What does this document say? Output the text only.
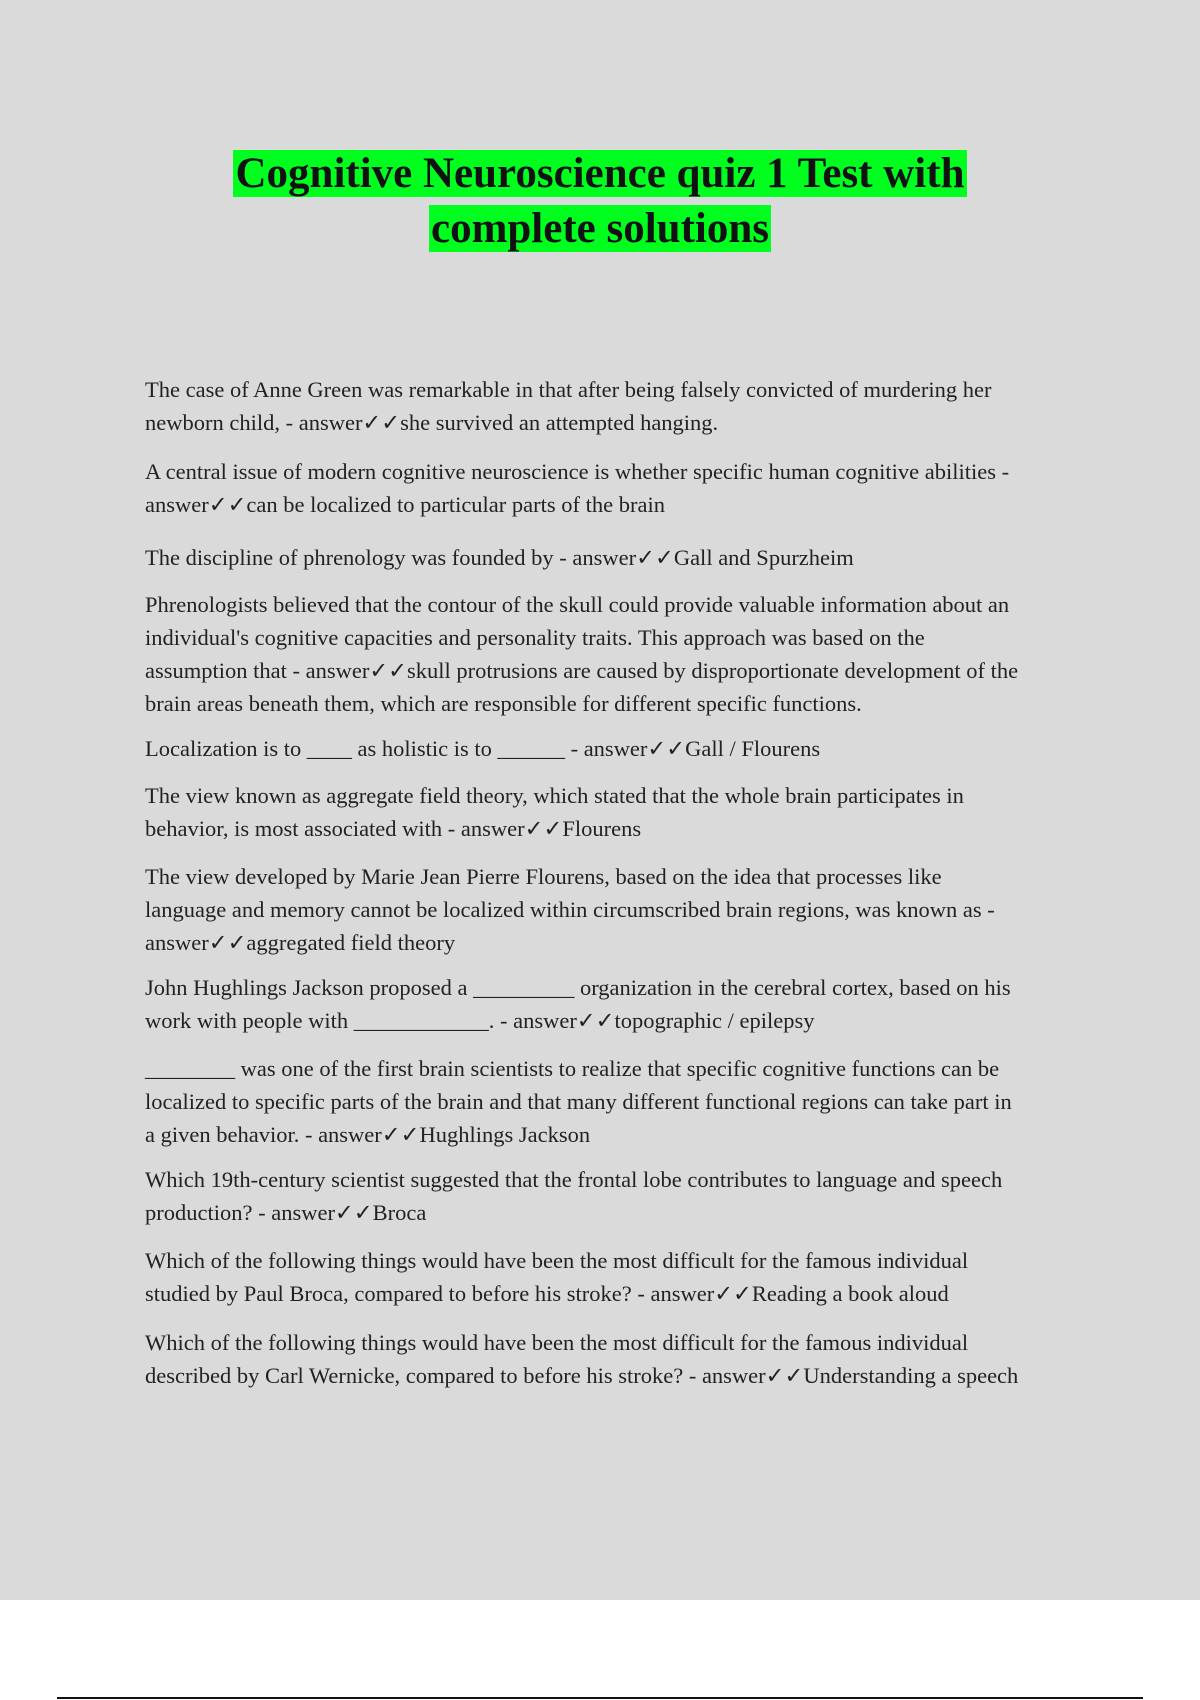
Cognitive Neuroscience quiz 1 Test with
complete solutions
The case of Anne Green was remarkable in that after being falsely convicted of murdering her
newborn child, - answer✓✓she survived an attempted hanging.
A central issue of modern cognitive neuroscience is whether specific human cognitive abilities -
answer✓✓can be localized to particular parts of the brain
The discipline of phrenology was founded by - answer✓✓Gall and Spurzheim
Phrenologists believed that the contour of the skull could provide valuable information about an
individual's cognitive capacities and personality traits. This approach was based on the
assumption that - answer✓✓skull protrusions are caused by disproportionate development of the
brain areas beneath them, which are responsible for different specific functions.
Localization is to ____ as holistic is to ______ - answer✓✓Gall / Flourens
The view known as aggregate field theory, which stated that the whole brain participates in
behavior, is most associated with - answer✓✓Flourens
The view developed by Marie Jean Pierre Flourens, based on the idea that processes like
language and memory cannot be localized within circumscribed brain regions, was known as -
answer✓✓aggregated field theory
John Hughlings Jackson proposed a _________ organization in the cerebral cortex, based on his
work with people with ____________. - answer✓✓topographic / epilepsy
________ was one of the first brain scientists to realize that specific cognitive functions can be
localized to specific parts of the brain and that many different functional regions can take part in
a given behavior. - answer✓✓Hughlings Jackson
Which 19th-century scientist suggested that the frontal lobe contributes to language and speech
production? - answer✓✓Broca
Which of the following things would have been the most difficult for the famous individual
studied by Paul Broca, compared to before his stroke? - answer✓✓Reading a book aloud
Which of the following things would have been the most difficult for the famous individual
described by Carl Wernicke, compared to before his stroke? - answer✓✓Understanding a speech
